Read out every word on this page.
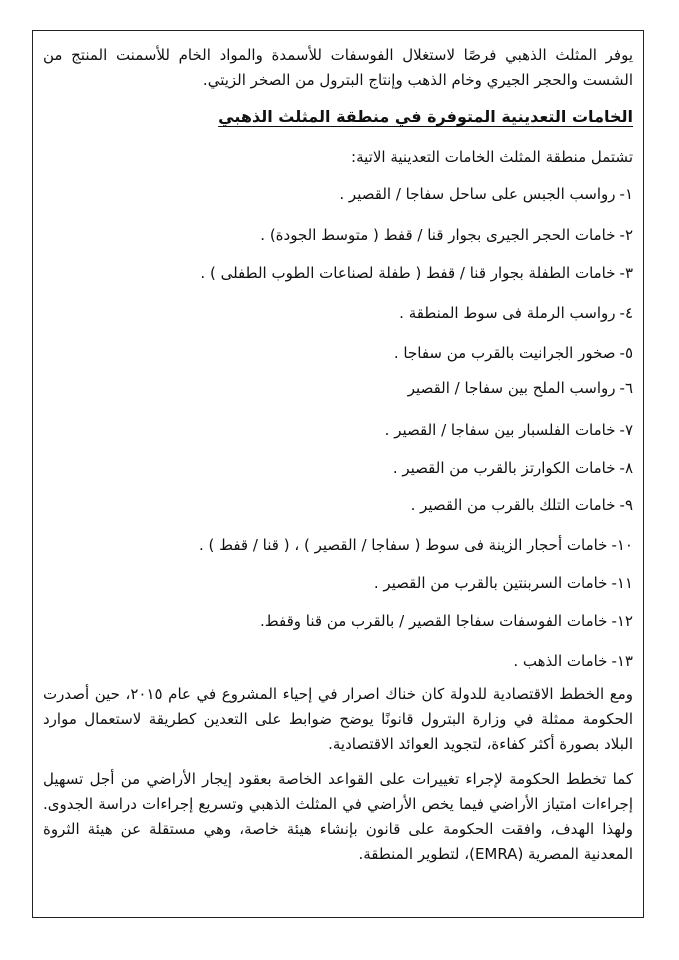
يوفر المثلث الذهبي فرصًا لاستغلال الفوسفات للأسمدة والمواد الخام للأسمنت المنتج من الشست والحجر الجيري وخام الذهب وإنتاج البترول من الصخر الزيتي.

الخامات التعدينية المتوفرة في منطقة المثلث الذهبي

تشتمل منطقة المثلث الخامات التعدينية الاتية:

١-رواسب الجبس على ساحل سفاجا / القصير .

٢-خامات الحجر الجيرى بجوار قنا / قفط ( متوسط الجودة) .

٣-خامات الطفلة بجوار قنا / قفط ( طفلة لصناعات الطوب الطفلى ) .

٤-رواسب الرملة فى سوط المنطقة .

٥-صخور الجرانيت بالقرب من سفاجا .

٦-رواسب الملح بين سفاجا / القصير

٧-خامات الفلسبار بين سفاجا / القصير .

٨-خامات الكوارتز بالقرب من القصير .

٩-خامات التلك بالقرب من القصير .

١٠-خامات أحجار الزينة فى سوط ( سفاجا / القصير ) ، ( قنا / قفط ) .

١١-خامات السربنتين بالقرب من القصير .

١٢-خامات الفوسفات سفاجا القصير / بالقرب من قنا وقفط.

١٣-خامات الذهب .

ومع الخطط الاقتصادية للدولة كان خناك اصرار في إحياء المشروع في عام ٢٠١٥، حين أصدرت الحكومة ممثلة في وزارة البترول قانونًا يوضح ضوابط على التعدين كطريقة لاستعمال موارد البلاد بصورة أكثر كفاءة، لتجويد العوائد الاقتصادية.

كما تخطط الحكومة لإجراء تغييرات على القواعد الخاصة بعقود إيجار الأراضي من أجل تسهيل إجراءات امتياز الأراضي فيما يخص الأراضي في المثلث الذهبي وتسريع إجراءات دراسة الجدوى. ولهذا الهدف، وافقت الحكومة على قانون بإنشاء هيئة خاصة، وهي مستقلة عن هيئة الثروة المعدنية المصرية (EMRA)، لتطوير المنطقة.
